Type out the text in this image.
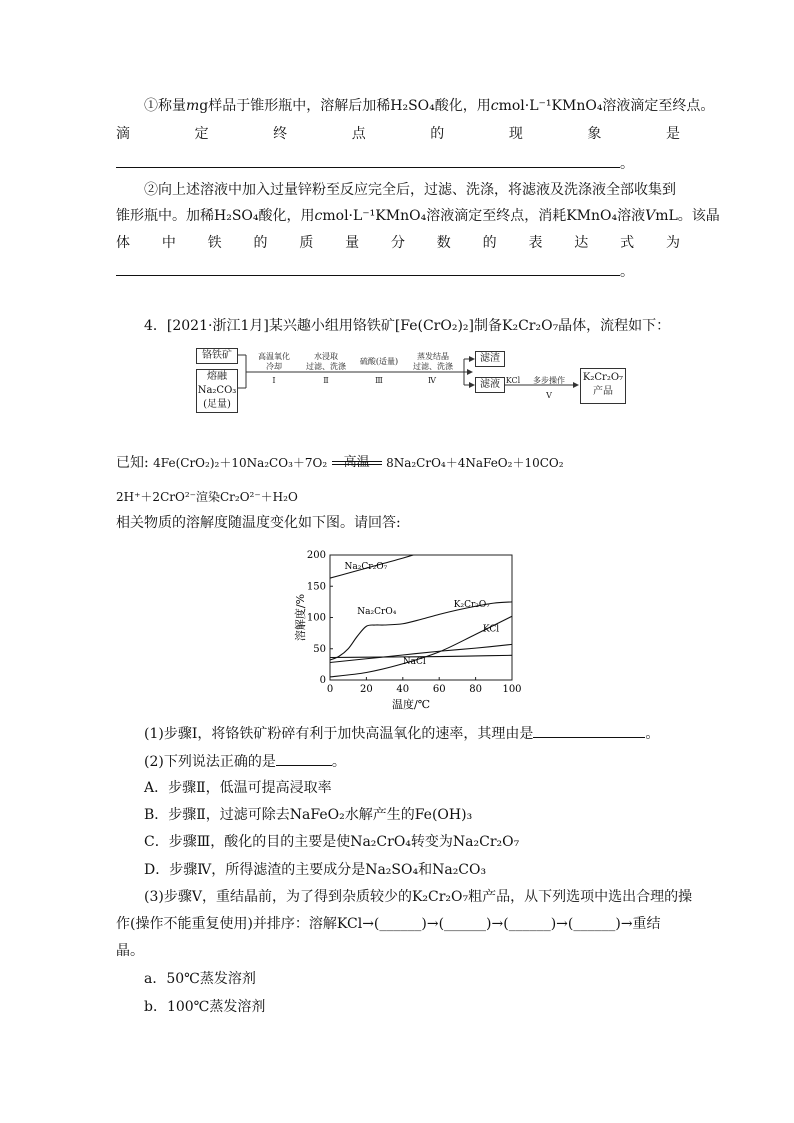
①称量mg样品于锥形瓶中，溶解后加稀H₂SO₄酸化，用cmol·L⁻¹KMnO₄溶液滴定至终点。
滴	定	终	点	的	现	象	是
。
②向上述溶液中加入过量锌粉至反应完全后，过滤、洗涤，将滤液及洗涤液全部收集到
锥形瓶中。加稀H₂SO₄酸化，用cmol·L⁻¹KMnO₄溶液滴定至终点，消耗KMnO₄溶液VmL。该晶
体 中 铁 的 质 量 分 数 的 表 达 式 为
。
4．[2021·浙江1月]某兴趣小组用铬铁矿[Fe(CrO₂)₂]制备K₂Cr₂O₇晶体，流程如下：
铬铁矿
熔融
Na₂CO₃
(足量)
高温氧化
冷却
Ⅰ
水浸取
过滤、洗涤
Ⅱ
硫酸(适量)
Ⅲ
蒸发结晶
过滤、洗涤
Ⅳ
滤渣
滤液 KCl	多步操作
Ⅴ
K₂Cr₂O₇
产品
已知: 4Fe(CrO₂)₂＋10Na₂CO₃＋7O₂	高温	8Na₂CrO₄＋4NaFeO₂＋10CO₂
2H⁺＋2CrO²⁻渲染Cr₂O²⁻＋H₂O
相关物质的溶解度随温度变化如下图。请回答:
0	20 40 60 80 100
0
50
100
150
200
温度/℃
溶解度/%
Na₂Cr₂O₇
Na₂CrO₄
K₂Cr₂O₇
KCl
NaCl
(1)步骤Ⅰ，将铬铁矿粉碎有利于加快高温氧化的速率，其理由是	。
(2)下列说法正确的是	。
A．步骤Ⅱ，低温可提高浸取率
B．步骤Ⅱ，过滤可除去NaFeO₂水解产生的Fe(OH)₃
C．步骤Ⅲ，酸化的目的主要是使Na₂CrO₄转变为Na₂Cr₂O₇
D．步骤Ⅳ，所得滤渣的主要成分是Na₂SO₄和Na₂CO₃
(3)步骤Ⅴ，重结晶前，为了得到杂质较少的K₂Cr₂O₇粗产品，从下列选项中选出合理的操
作(操作不能重复使用)并排序：溶解KCl→(______)→(______)→(______)→(______)→重结
晶。
a．50℃蒸发溶剂
b．100℃蒸发溶剂
